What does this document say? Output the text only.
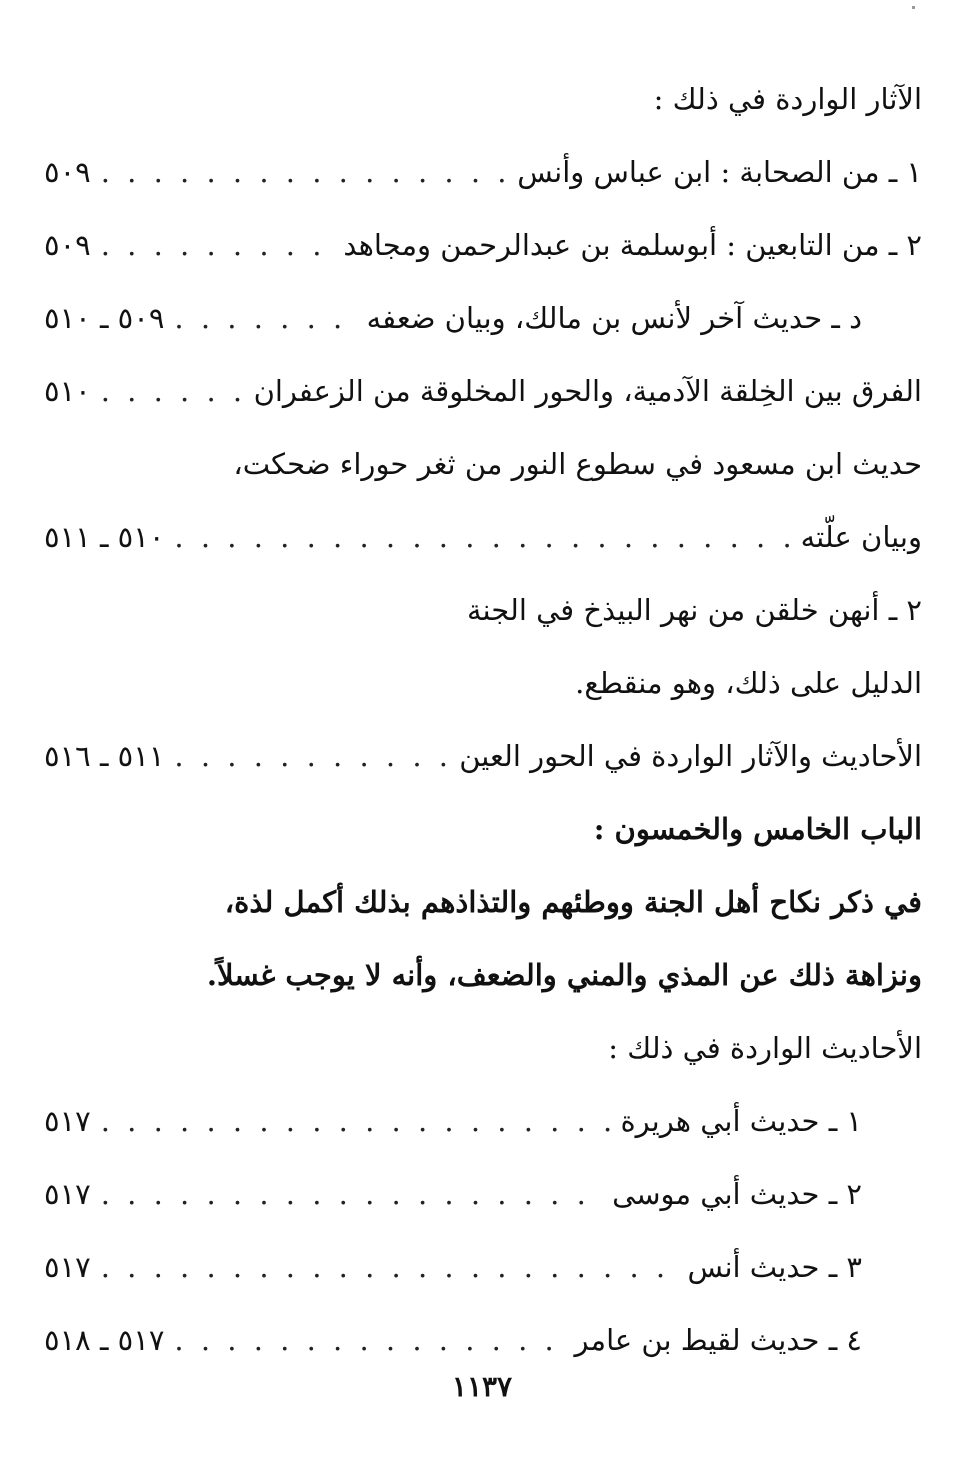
الآثار الواردة في ذلك :
١ ـ من الصحابة : ابن عباس وأنس
. . .
٥٠٩
٢ ـ من التابعين : أبوسلمة بن عبدالرحمن ومجاهد
. . .
٥٠٩
د ـ حديث آخر لأنس بن مالك، وبيان ضعفه
. . .
٥٠٩ ـ ٥١٠
الفرق بين الخِلقة الآدمية، والحور المخلوقة من الزعفران
. . .
٥١٠
حديث ابن مسعود في سطوع النور من ثغر حوراء ضحكت،
وبيان علّته
. . .
٥١٠ ـ ٥١١
٢ ـ أنهن خلقن من نهر البيذخ في الجنة
الدليل على ذلك، وهو منقطع.
الأحاديث والآثار الواردة في الحور العين
. . .
٥١١ ـ ٥١٦
الباب الخامس والخمسون :
في ذكر نكاح أهل الجنة ووطئهم والتذاذهم بذلك أكمل لذة،
ونزاهة ذلك عن المذي والمني والضعف، وأنه لا يوجب غسلاً.
الأحاديث الواردة في ذلك :
١ ـ حديث أبي هريرة
. . .
٥١٧
٢ ـ حديث أبي موسى
. . .
٥١٧
٣ ـ حديث أنس
. . .
٥١٧
٤ ـ حديث لقيط بن عامر
. . .
٥١٧ ـ ٥١٨
١١٣٧
